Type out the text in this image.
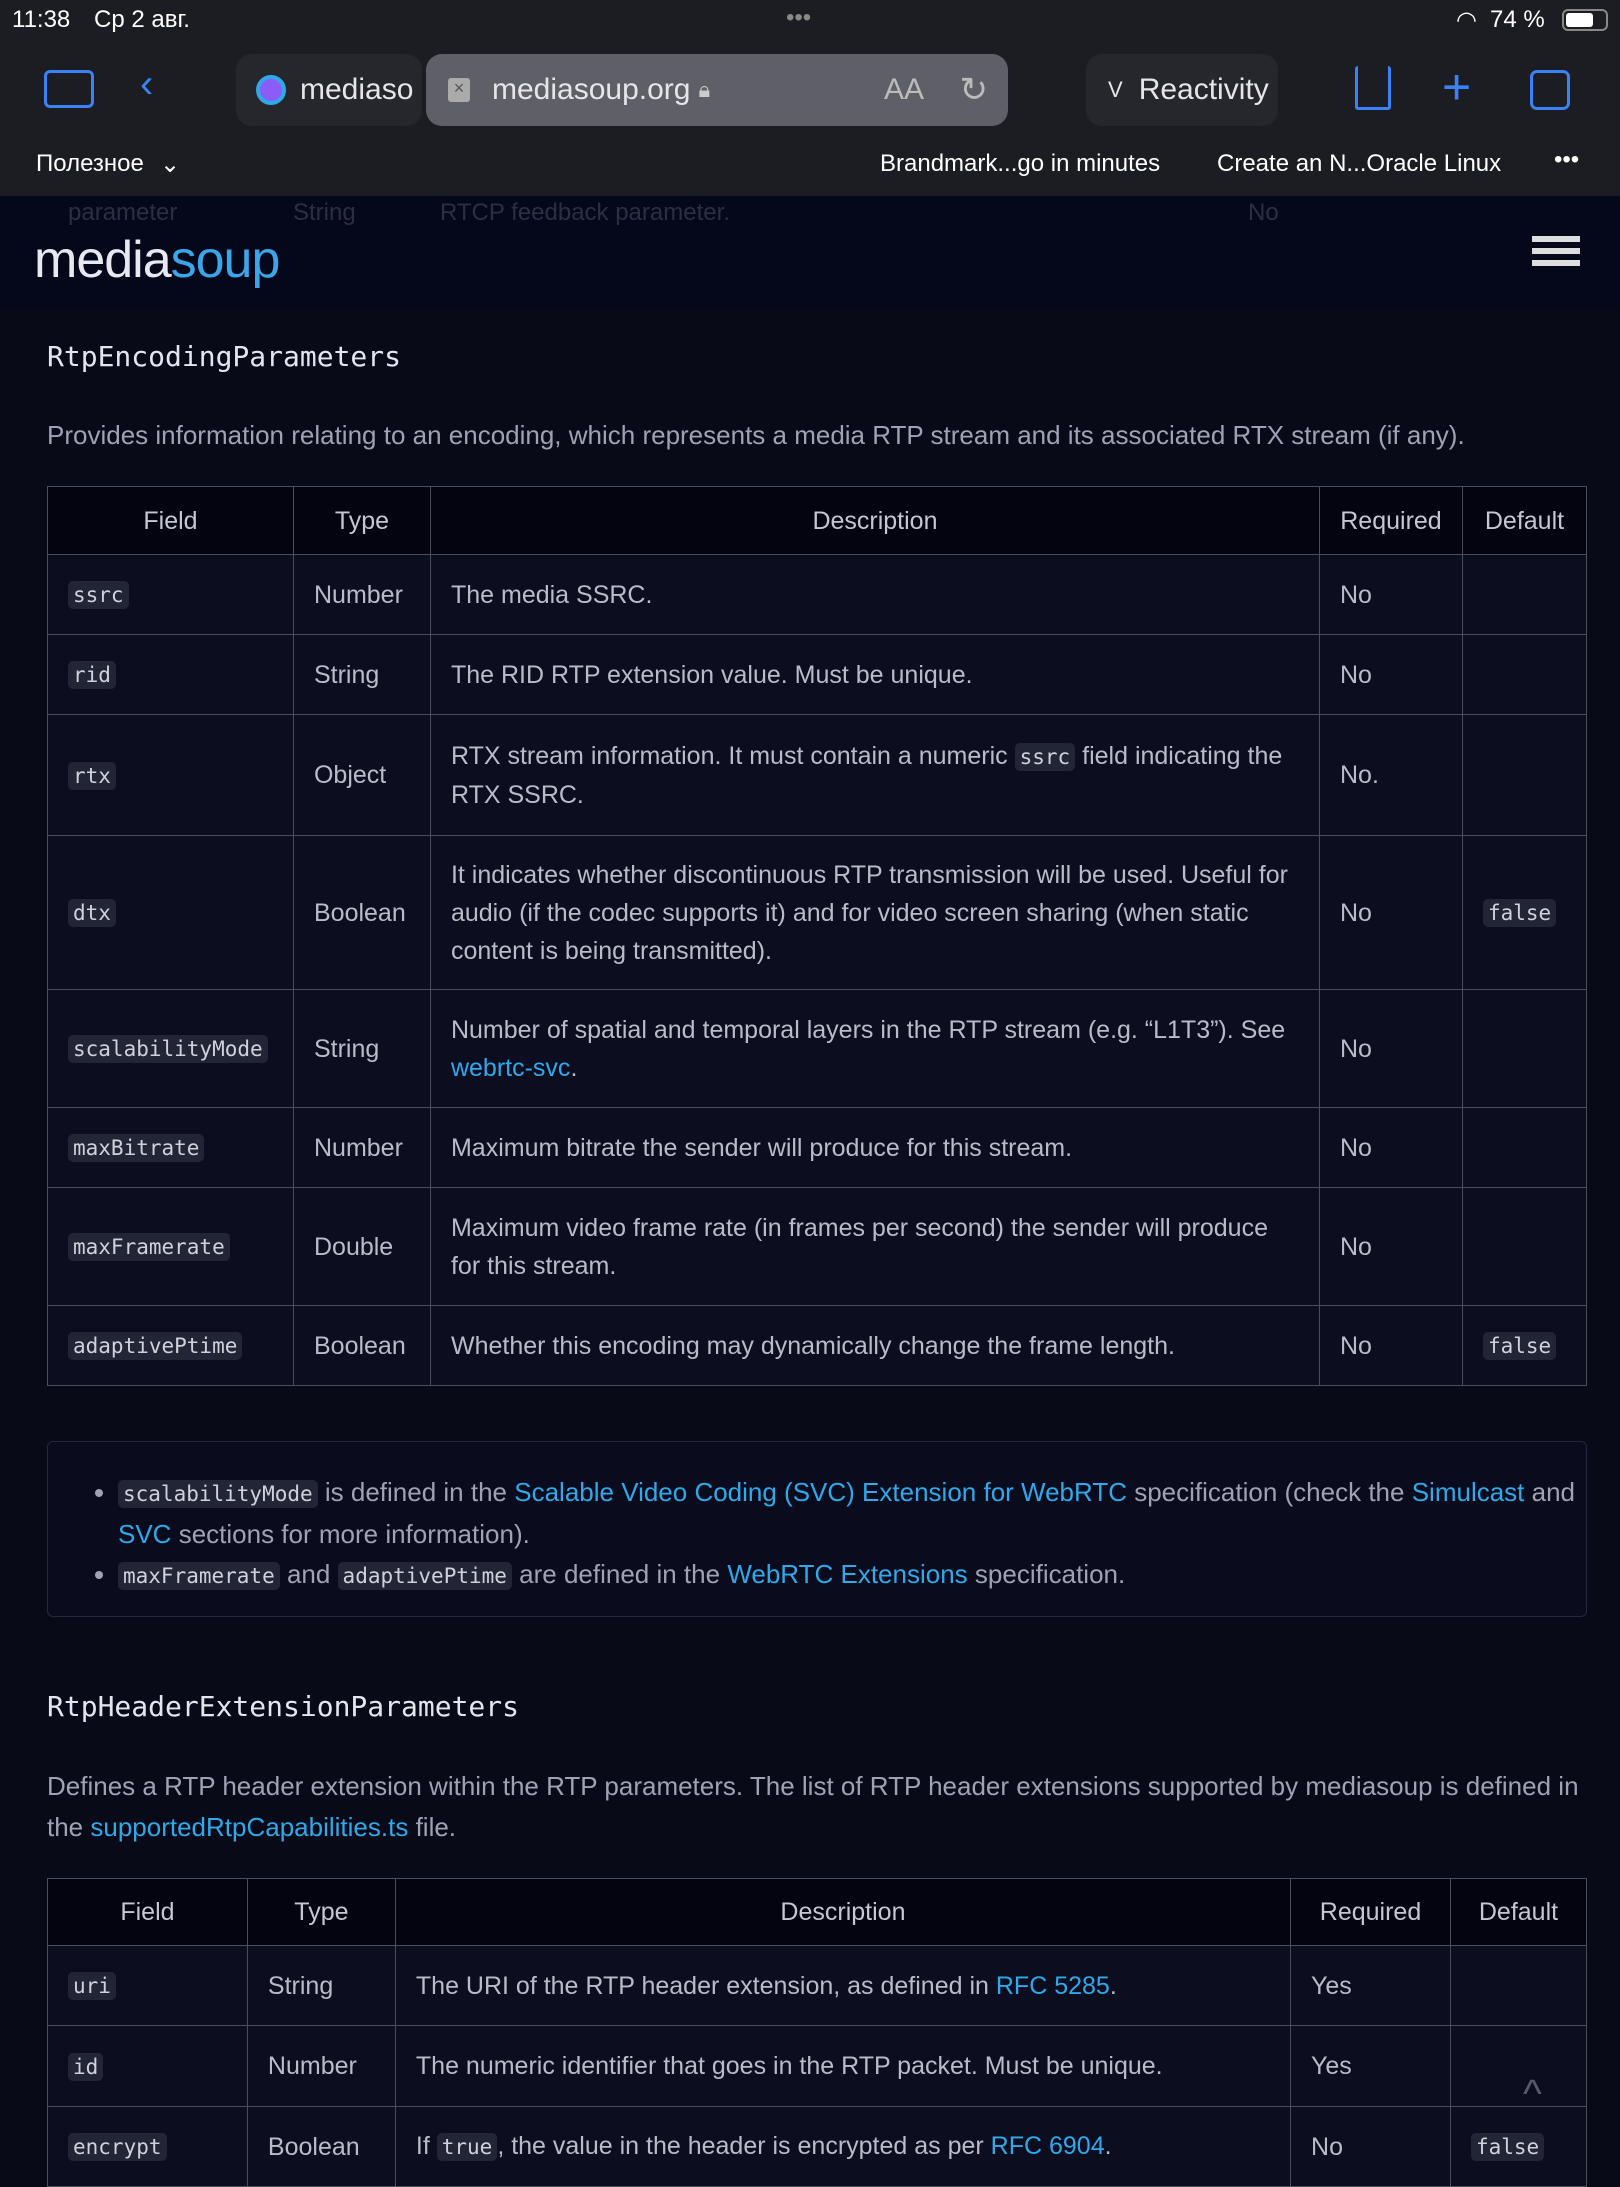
11:38 Ср 2 авг.	•••	◠ 74 %
‹	mediaso	× mediasoup.org 🔒︎	AA ↻	V Reactivity	+
Полезное ⌄	Brandmark...go in minutes Create an N...Oracle Linux •••
parameter	String	RTCP feedback parameter.	No
mediasoup
RtpEncodingParameters
Provides information relating to an encoding, which represents a media RTP stream and its associated RTX stream (if any).
Field	Type	Description	Required	Default
ssrc	Number	The media SSRC.	No	
rid	String	The RID RTP extension value. Must be unique.	No	
rtx	Object	RTX stream information. It must contain a numeric ssrc field indicating the RTX SSRC.	No.	
dtx	Boolean	It indicates whether discontinuous RTP transmission will be used. Useful for audio (if the codec supports it) and for video screen sharing (when static content is being transmitted).	No	false
scalabilityMode	String	Number of spatial and temporal layers in the RTP stream (e.g. “L1T3”). See webrtc-svc.	No	
maxBitrate	Number	Maximum bitrate the sender will produce for this stream.	No	
maxFramerate	Double	Maximum video frame rate (in frames per second) the sender will produce for this stream.	No	
adaptivePtime	Boolean	Whether this encoding may dynamically change the frame length.	No	false
• scalabilityMode is defined in the Scalable Video Coding (SVC) Extension for WebRTC specification (check the Simulcast and SVC sections for more information).
• maxFramerate and adaptivePtime are defined in the WebRTC Extensions specification.
RtpHeaderExtensionParameters
Defines a RTP header extension within the RTP parameters. The list of RTP header extensions supported by mediasoup is defined in the supportedRtpCapabilities.ts file.
Field	Type	Description	Required	Default
uri	String	The URI of the RTP header extension, as defined in RFC 5285.	Yes	
id	Number	The numeric identifier that goes in the RTP packet. Must be unique.	Yes	
encrypt	Boolean	If true , the value in the header is encrypted as per RFC 6904.	No	false
^
